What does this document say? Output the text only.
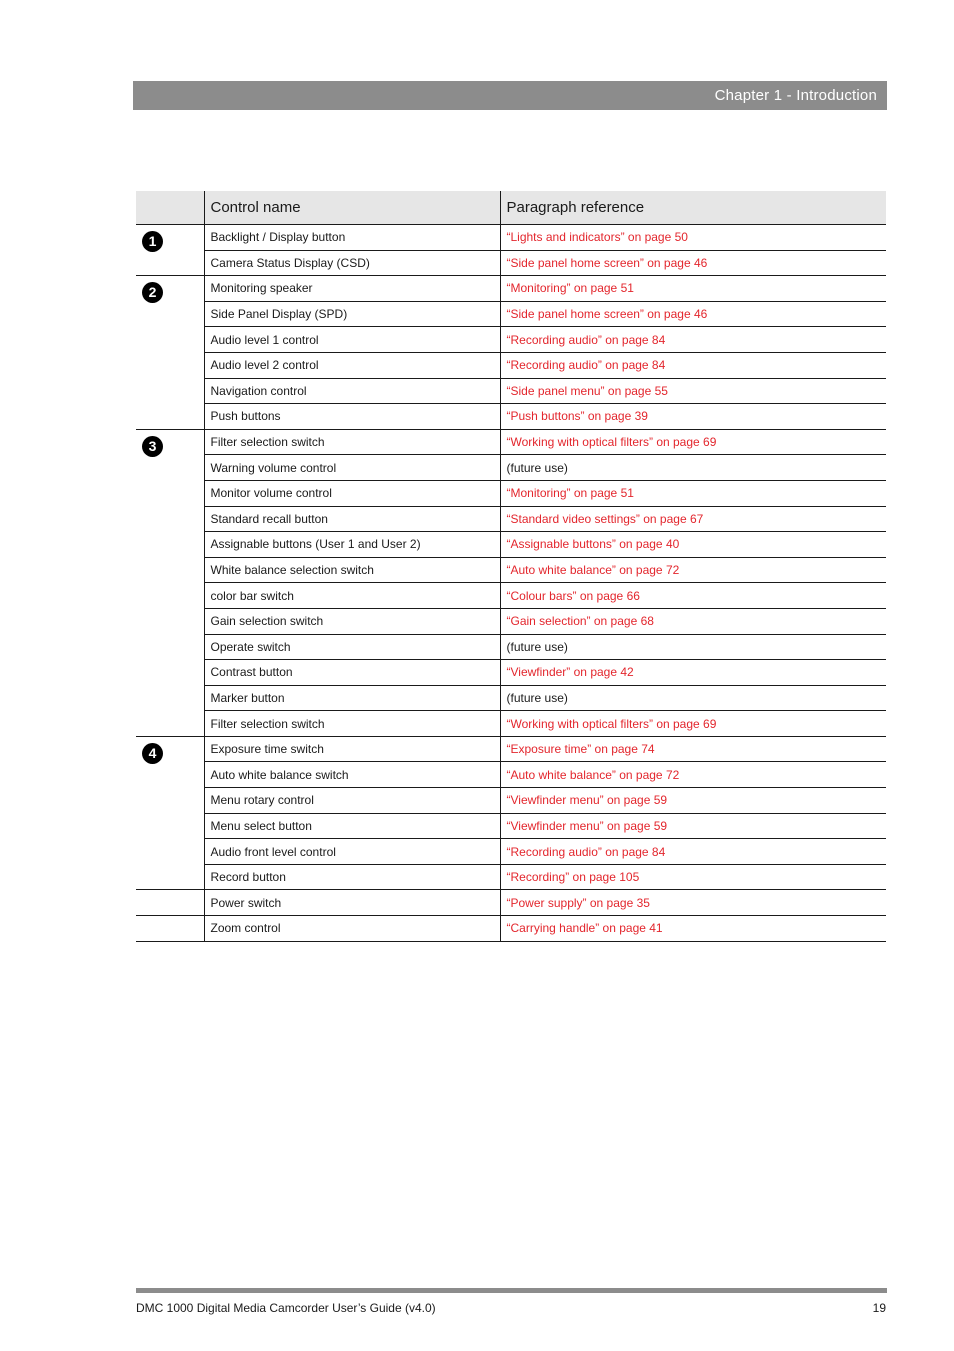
Chapter 1 - Introduction
	Control name	Paragraph reference
1	Backlight / Display button	“Lights and indicators” on page 50
	Camera Status Display (CSD)	“Side panel home screen” on page 46
2	Monitoring speaker	“Monitoring” on page 51
	Side Panel Display (SPD)	“Side panel home screen” on page 46
	Audio level 1 control	“Recording audio” on page 84
	Audio level 2 control	“Recording audio” on page 84
	Navigation control	“Side panel menu” on page 55
	Push buttons	“Push buttons” on page 39
3	Filter selection switch	“Working with optical filters” on page 69
	Warning volume control	(future use)
	Monitor volume control	“Monitoring” on page 51
	Standard recall button	“Standard video settings” on page 67
	Assignable buttons (User 1 and User 2)	“Assignable buttons” on page 40
	White balance selection switch	“Auto white balance” on page 72
	color bar switch	“Colour bars” on page 66
	Gain selection switch	“Gain selection” on page 68
	Operate switch	(future use)
	Contrast button	“Viewfinder” on page 42
	Marker button	(future use)
	Filter selection switch	“Working with optical filters” on page 69
4	Exposure time switch	“Exposure time” on page 74
	Auto white balance switch	“Auto white balance” on page 72
	Menu rotary control	“Viewfinder menu” on page 59
	Menu select button	“Viewfinder menu” on page 59
	Audio front level control	“Recording audio” on page 84
	Record button	“Recording” on page 105
	Power switch	“Power supply” on page 35
	Zoom control	“Carrying handle” on page 41
DMC 1000 Digital Media Camcorder User’s Guide (v4.0)	19
